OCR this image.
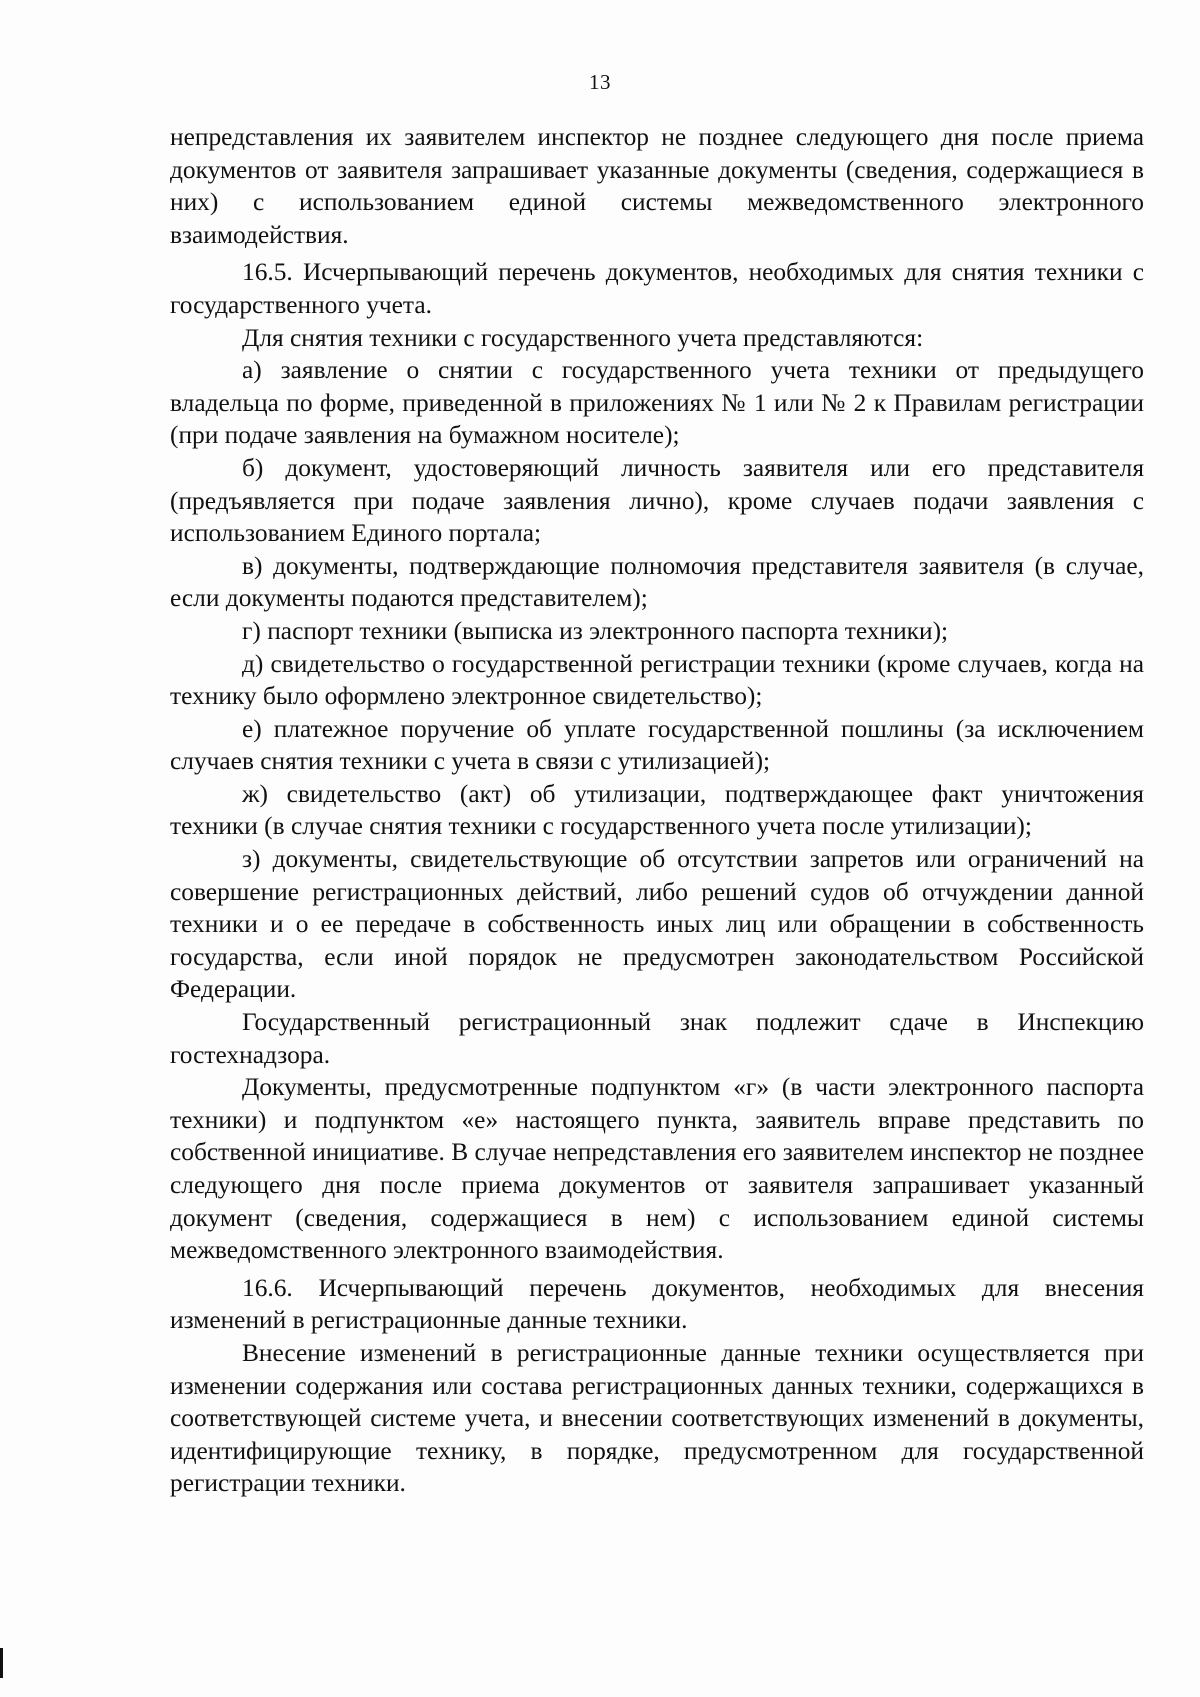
13

непредставления их заявителем инспектор не позднее следующего дня после приема документов от заявителя запрашивает указанные документы (сведения, содержащиеся в них) с использованием единой системы межведомственного электронного взаимодействия.

16.5. Исчерпывающий перечень документов, необходимых для снятия техники с государственного учета.

Для снятия техники с государственного учета представляются:

а) заявление о снятии с государственного учета техники от предыдущего владельца по форме, приведенной в приложениях № 1 или № 2 к Правилам регистрации (при подаче заявления на бумажном носителе);

б) документ, удостоверяющий личность заявителя или его представителя (предъявляется при подаче заявления лично), кроме случаев подачи заявления с использованием Единого портала;

в) документы, подтверждающие полномочия представителя заявителя (в случае, если документы подаются представителем);

г) паспорт техники (выписка из электронного паспорта техники);

д) свидетельство о государственной регистрации техники (кроме случаев, когда на технику было оформлено электронное свидетельство);

е) платежное поручение об уплате государственной пошлины (за исключением случаев снятия техники с учета в связи с утилизацией);

ж) свидетельство (акт) об утилизации, подтверждающее факт уничтожения техники (в случае снятия техники с государственного учета после утилизации);

з) документы, свидетельствующие об отсутствии запретов или ограничений на совершение регистрационных действий, либо решений судов об отчуждении данной техники и о ее передаче в собственность иных лиц или обращении в собственность государства, если иной порядок не предусмотрен законодательством Российской Федерации.

Государственный регистрационный знак подлежит сдаче в Инспекцию гостехнадзора.

Документы, предусмотренные подпунктом «г» (в части электронного паспорта техники) и подпунктом «е» настоящего пункта, заявитель вправе представить по собственной инициативе. В случае непредставления его заявителем инспектор не позднее следующего дня после приема документов от заявителя запрашивает указанный документ (сведения, содержащиеся в нем) с использованием единой системы межведомственного электронного взаимодействия.

16.6. Исчерпывающий перечень документов, необходимых для внесения изменений в регистрационные данные техники.

Внесение изменений в регистрационные данные техники осуществляется при изменении содержания или состава регистрационных данных техники, содержащихся в соответствующей системе учета, и внесении соответствующих изменений в документы, идентифицирующие технику, в порядке, предусмотренном для государственной регистрации техники.
